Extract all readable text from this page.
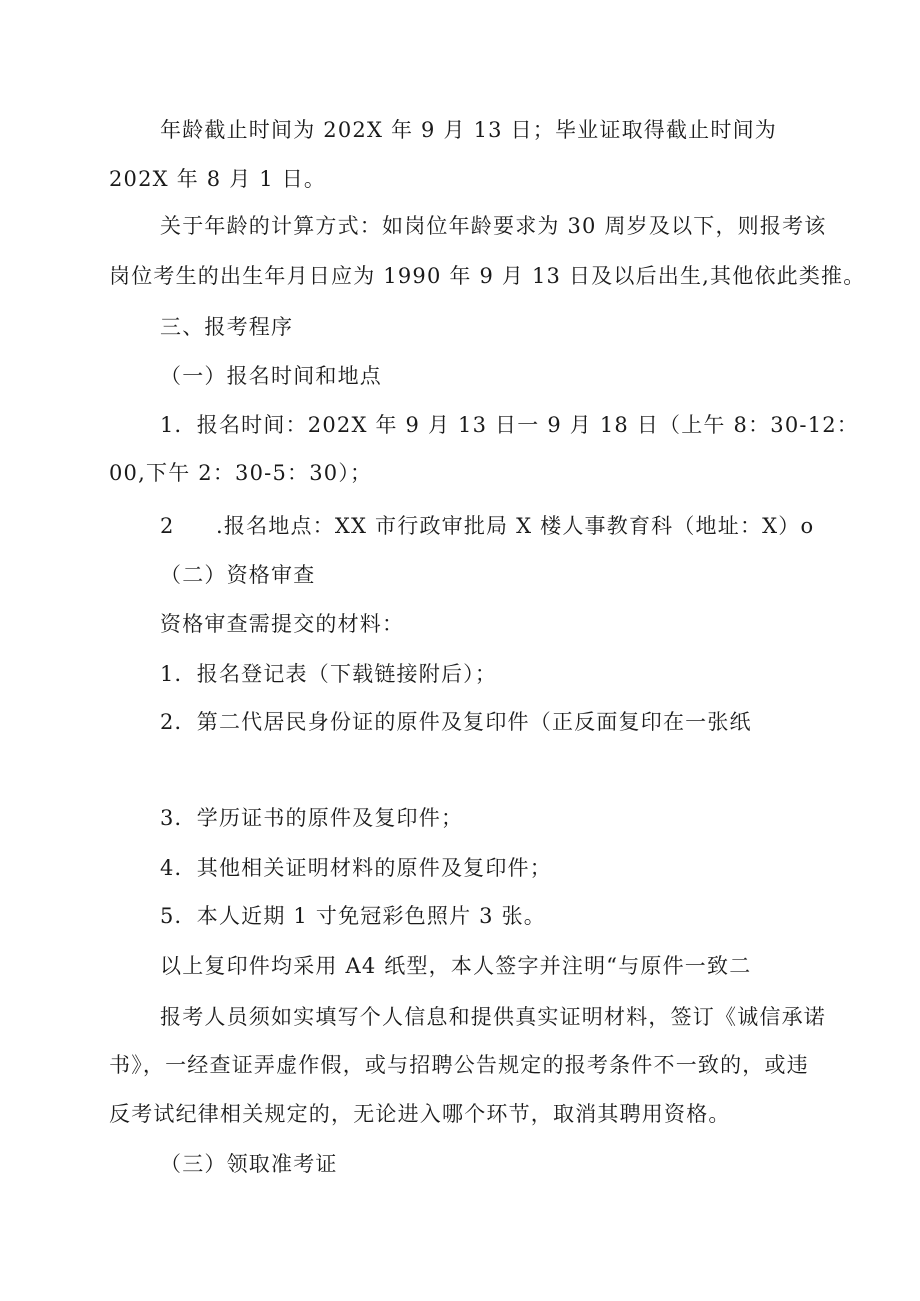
年龄截止时间为 202X 年 9 月 13 日；毕业证取得截止时间为
202X 年 8 月 1 日。
关于年龄的计算方式：如岗位年龄要求为 30 周岁及以下，则报考该
岗位考生的出生年月日应为 1990 年 9 月 13 日及以后出生,其他依此类推。
三、报考程序
（一）报名时间和地点
1．报名时间：202X 年 9 月 13 日一 9 月 18 日（上午 8：30-12：
00,下午 2：30-5：30）；
2 .报名地点：XX 市行政审批局 X 楼人事教育科（地址：X）o
（二）资格审查
资格审查需提交的材料：
1．报名登记表（下载链接附后）；
2．第二代居民身份证的原件及复印件（正反面复印在一张纸
3．学历证书的原件及复印件；
4．其他相关证明材料的原件及复印件；
5．本人近期 1 寸免冠彩色照片 3 张。
以上复印件均采用 A4 纸型，本人签字并注明“与原件一致二
报考人员须如实填写个人信息和提供真实证明材料，签订《诚信承诺
书》，一经查证弄虚作假，或与招聘公告规定的报考条件不一致的，或违
反考试纪律相关规定的，无论进入哪个环节，取消其聘用资格。
（三）领取准考证
